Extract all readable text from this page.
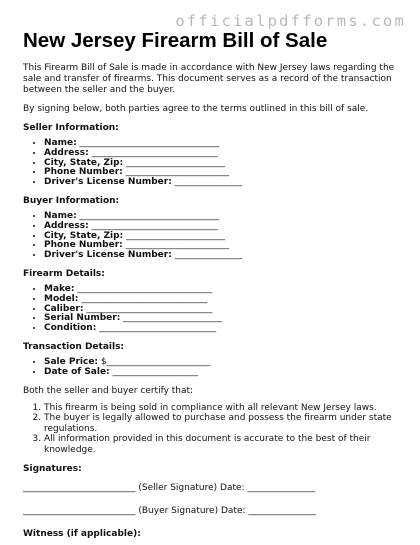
officialpdfforms.com
New Jersey Firearm Bill of Sale

This Firearm Bill of Sale is made in accordance with New Jersey laws regarding the sale and transfer of firearms. This document serves as a record of the transaction between the seller and the buyer.

By signing below, both parties agree to the terms outlined in this bill of sale.

Seller Information:
• Name: _______________________________
• Address: ____________________________
• City, State, Zip: ______________________
• Phone Number: _______________________
• Driver's License Number: _______________
Buyer Information:
• Name: _______________________________
• Address: ____________________________
• City, State, Zip: ______________________
• Phone Number: _______________________
• Driver's License Number: _______________
Firearm Details:
• Make: ______________________________
• Model: ____________________________
• Caliber: ____________________________
• Serial Number: ______________________
• Condition: __________________________
Transaction Details:
• Sale Price: $_______________________
• Date of Sale: ___________________

Both the seller and buyer certify that:

1. This firearm is being sold in compliance with all relevant New Jersey laws.
2. The buyer is legally allowed to purchase and possess the firearm under state regulations.
3. All information provided in this document is accurate to the best of their knowledge.
Signatures:
_________________________ (Seller Signature) Date: _______________
_________________________ (Buyer Signature) Date: _______________
Witness (if applicable):
